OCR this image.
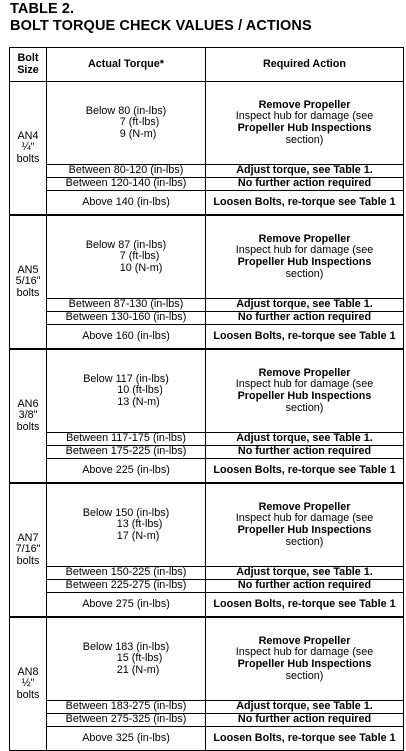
TABLE 2.
BOLT TORQUE CHECK VALUES / ACTIONS
Bolt Size	Actual Torque*	Required Action

AN4
¼"
bolts	Below 80 (in-lbs)
7 (ft-lbs)
9 (N-m)	Remove Propeller
Inspect hub for damage (see
Propeller Hub Inspections
section)

	Between 80-120 (in-lbs)	Adjust torque, see Table 1.
	Between 120-140 (in-lbs)	No further action required
	Above 140 (in-lbs)	Loosen Bolts, re-torque see Table 1

AN5
5/16"
bolts	Below 87 (in-lbs)
7 (ft-lbs)
10 (N-m)	Remove Propeller
Inspect hub for damage (see
Propeller Hub Inspections
section)

	Between 87-130 (in-lbs)	Adjust torque, see Table 1.
	Between 130-160 (in-lbs)	No further action required
	Above 160 (in-lbs)	Loosen Bolts, re-torque see Table 1

AN6
3/8"
bolts	Below 117 (in-lbs)
10 (ft-lbs)
13 (N-m)	Remove Propeller
Inspect hub for damage (see
Propeller Hub Inspections
section)

	Between 117-175 (in-lbs)	Adjust torque, see Table 1.
	Between 175-225 (in-lbs)	No further action required
	Above 225 (in-lbs)	Loosen Bolts, re-torque see Table 1

AN7
7/16"
bolts	Below 150 (in-lbs)
13 (ft-lbs)
17 (N-m)	Remove Propeller
Inspect hub for damage (see
Propeller Hub Inspections
section)

	Between 150-225 (in-lbs)	Adjust torque, see Table 1.
	Between 225-275 (in-lbs)	No further action required
	Above 275 (in-lbs)	Loosen Bolts, re-torque see Table 1

AN8
½"
bolts	Below 183 (in-lbs)
15 (ft-lbs)
21 (N-m)	Remove Propeller
Inspect hub for damage (see
Propeller Hub Inspections
section)

	Between 183-275 (in-lbs)	Adjust torque, see Table 1.
	Between 275-325 (in-lbs)	No further action required
	Above 325 (in-lbs)	Loosen Bolts, re-torque see Table 1
